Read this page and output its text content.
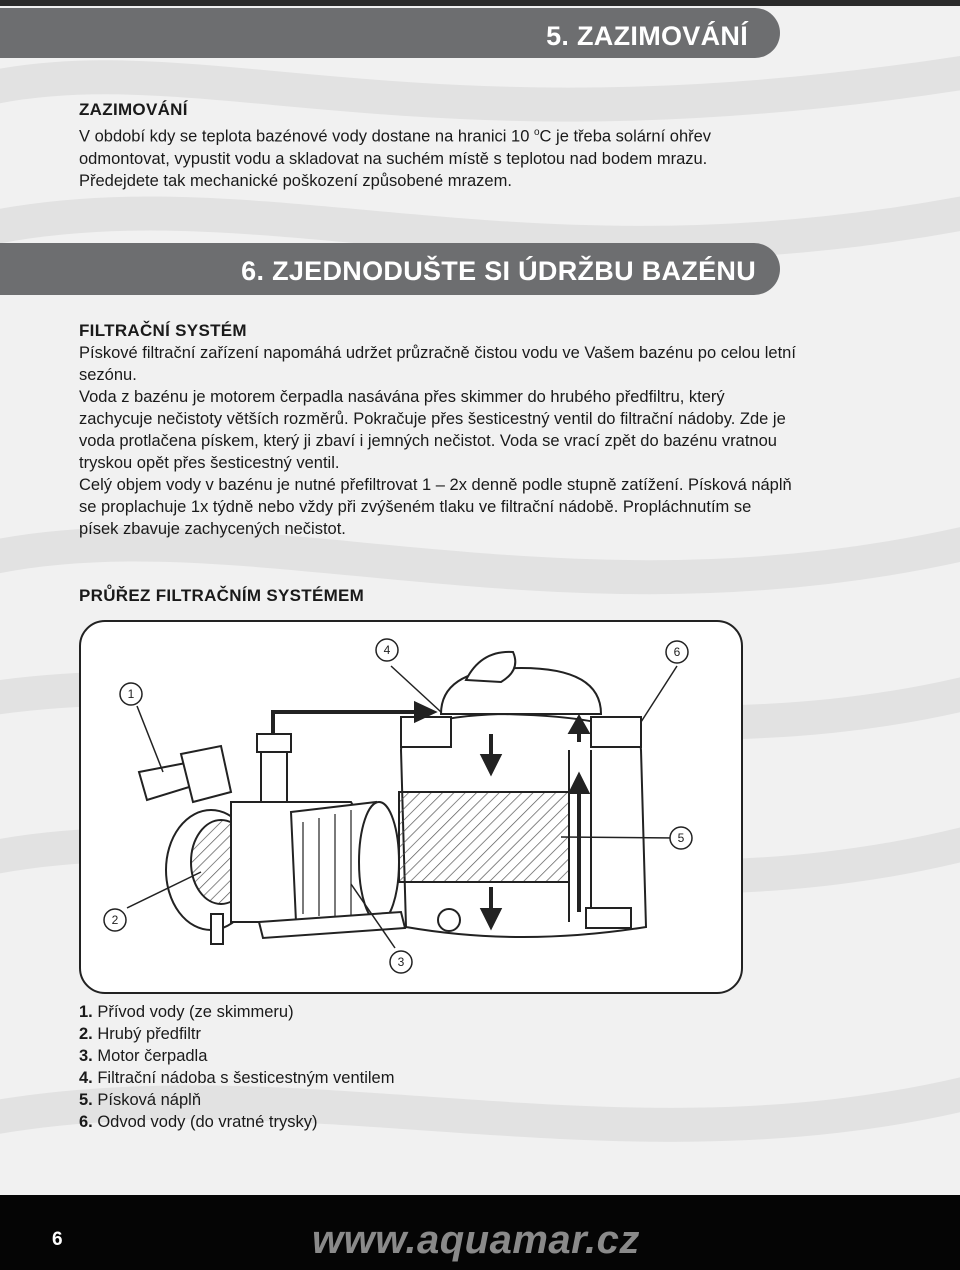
5. ZAZIMOVÁNÍ
ZAZIMOVÁNÍ
V období kdy se teplota bazénové vody dostane na hranici 10 $^o$C je třeba solární ohřev
odmontovat, vypustit vodu a skladovat na suchém místě s teplotou nad bodem mrazu.
Předejdete tak mechanické poškození způsobené mrazem.
6. ZJEDNODUŠTE SI ÚDRŽBU BAZÉNU
FILTRAČNÍ SYSTÉM
Pískové filtrační zařízení napomáhá udržet průzračně čistou vodu ve Vašem bazénu po celou letní
sezónu.
Voda z bazénu je motorem čerpadla nasávána přes skimmer do hrubého předfiltru, který
zachycuje nečistoty větších rozměrů. Pokračuje přes šesticestný ventil do filtrační nádoby. Zde je
voda protlačena pískem, který ji zbaví i jemných nečistot. Voda se vrací zpět do bazénu vratnou
tryskou opět přes šesticestný ventil.
Celý objem vody v bazénu je nutné přefiltrovat 1 – 2x denně podle stupně zatížení. Písková náplň
se proplachuje 1x týdně nebo vždy při zvýšeném tlaku ve filtrační nádobě. Propláchnutím se
písek zbavuje zachycených nečistot.
PRŮŘEZ FILTRAČNÍM SYSTÉMEM
1
2
3
4
5
6
1. Přívod vody (ze skimmeru)
2. Hrubý předfiltr
3. Motor čerpadla
4. Filtrační nádoba s šesticestným ventilem
5. Písková náplň
6. Odvod vody (do vratné trysky)
6	www.aquamar.cz
